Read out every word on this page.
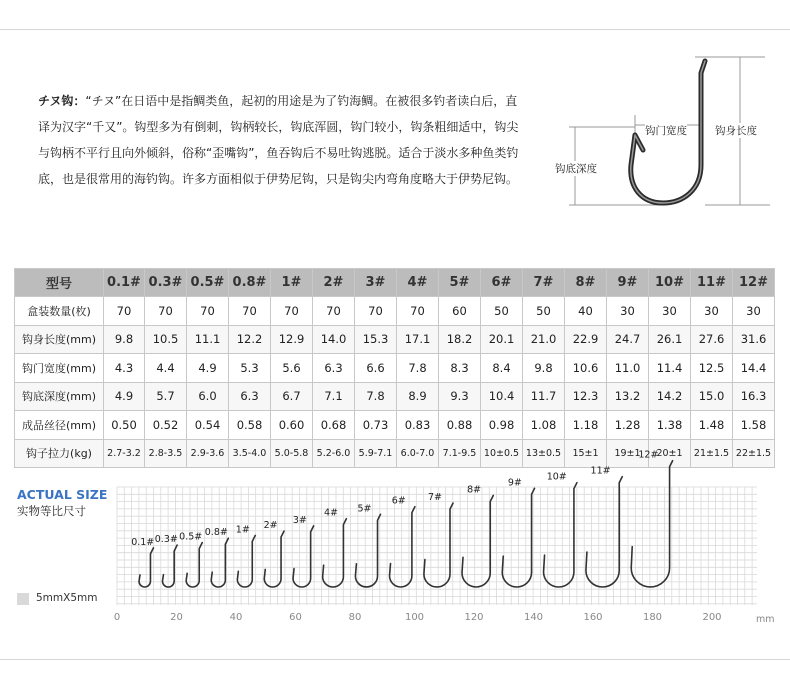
チヌ钩：“チヌ”在日语中是指鲷类鱼，起初的用途是为了钓海鲷。在被很多钓者读白后，直译为汉字“千又”。钩型多为有倒刺，钩柄较长，钩底浑圆，钩门较小，钩条粗细适中，钩尖与钩柄不平行且向外倾斜，俗称“歪嘴钩”，鱼吞钩后不易吐钩逃脱。适合于淡水多种鱼类钓底，也是很常用的海钓钩。许多方面相似于伊势尼钩，只是钩尖内弯角度略大于伊势尼钩。
钩门宽度	钩身长度
钩底深度
型号	0.1#	0.3#	0.5#	0.8#	1#	2#	3#	4#	5#	6#	7#	8#	9#	10#	11#	12#
盒装数量(枚)	70	70	70	70	70	70	70	70	60	50	50	40	30	30	30	30
钩身长度(mm)	9.8	10.5	11.1	12.2	12.9	14.0	15.3	17.1	18.2	20.1	21.0	22.9	24.7	26.1	27.6	31.6
钩门宽度(mm)	4.3	4.4	4.9	5.3	5.6	6.3	6.6	7.8	8.3	8.4	9.8	10.6	11.0	11.4	12.5	14.4
钩底深度(mm)	4.9	5.7	6.0	6.3	6.7	7.1	7.8	8.9	9.3	10.4	11.7	12.3	13.2	14.2	15.0	16.3
成品丝径(mm)	0.50	0.52	0.54	0.58	0.60	0.68	0.73	0.83	0.88	0.98	1.08	1.18	1.28	1.38	1.48	1.58
钩子拉力(kg)	2.7-3.2	2.8-3.5	2.9-3.6	3.5-4.0	5.0-5.8	5.2-6.0	5.9-7.1	6.0-7.0	7.1-9.5	10±0.5	13±0.5	15±1	19±1	20±1	21±1.5	22±1.5
ACTUAL SIZE
实物等比尺寸
5mmX5mm
0.1# 0.3# 0.5# 0.8# 1# 2# 3#
4# 5#
6# 7#
8#
9#
10#
11#
12#
0	20	40	60	80	100	120	140	160	180	200	mm
